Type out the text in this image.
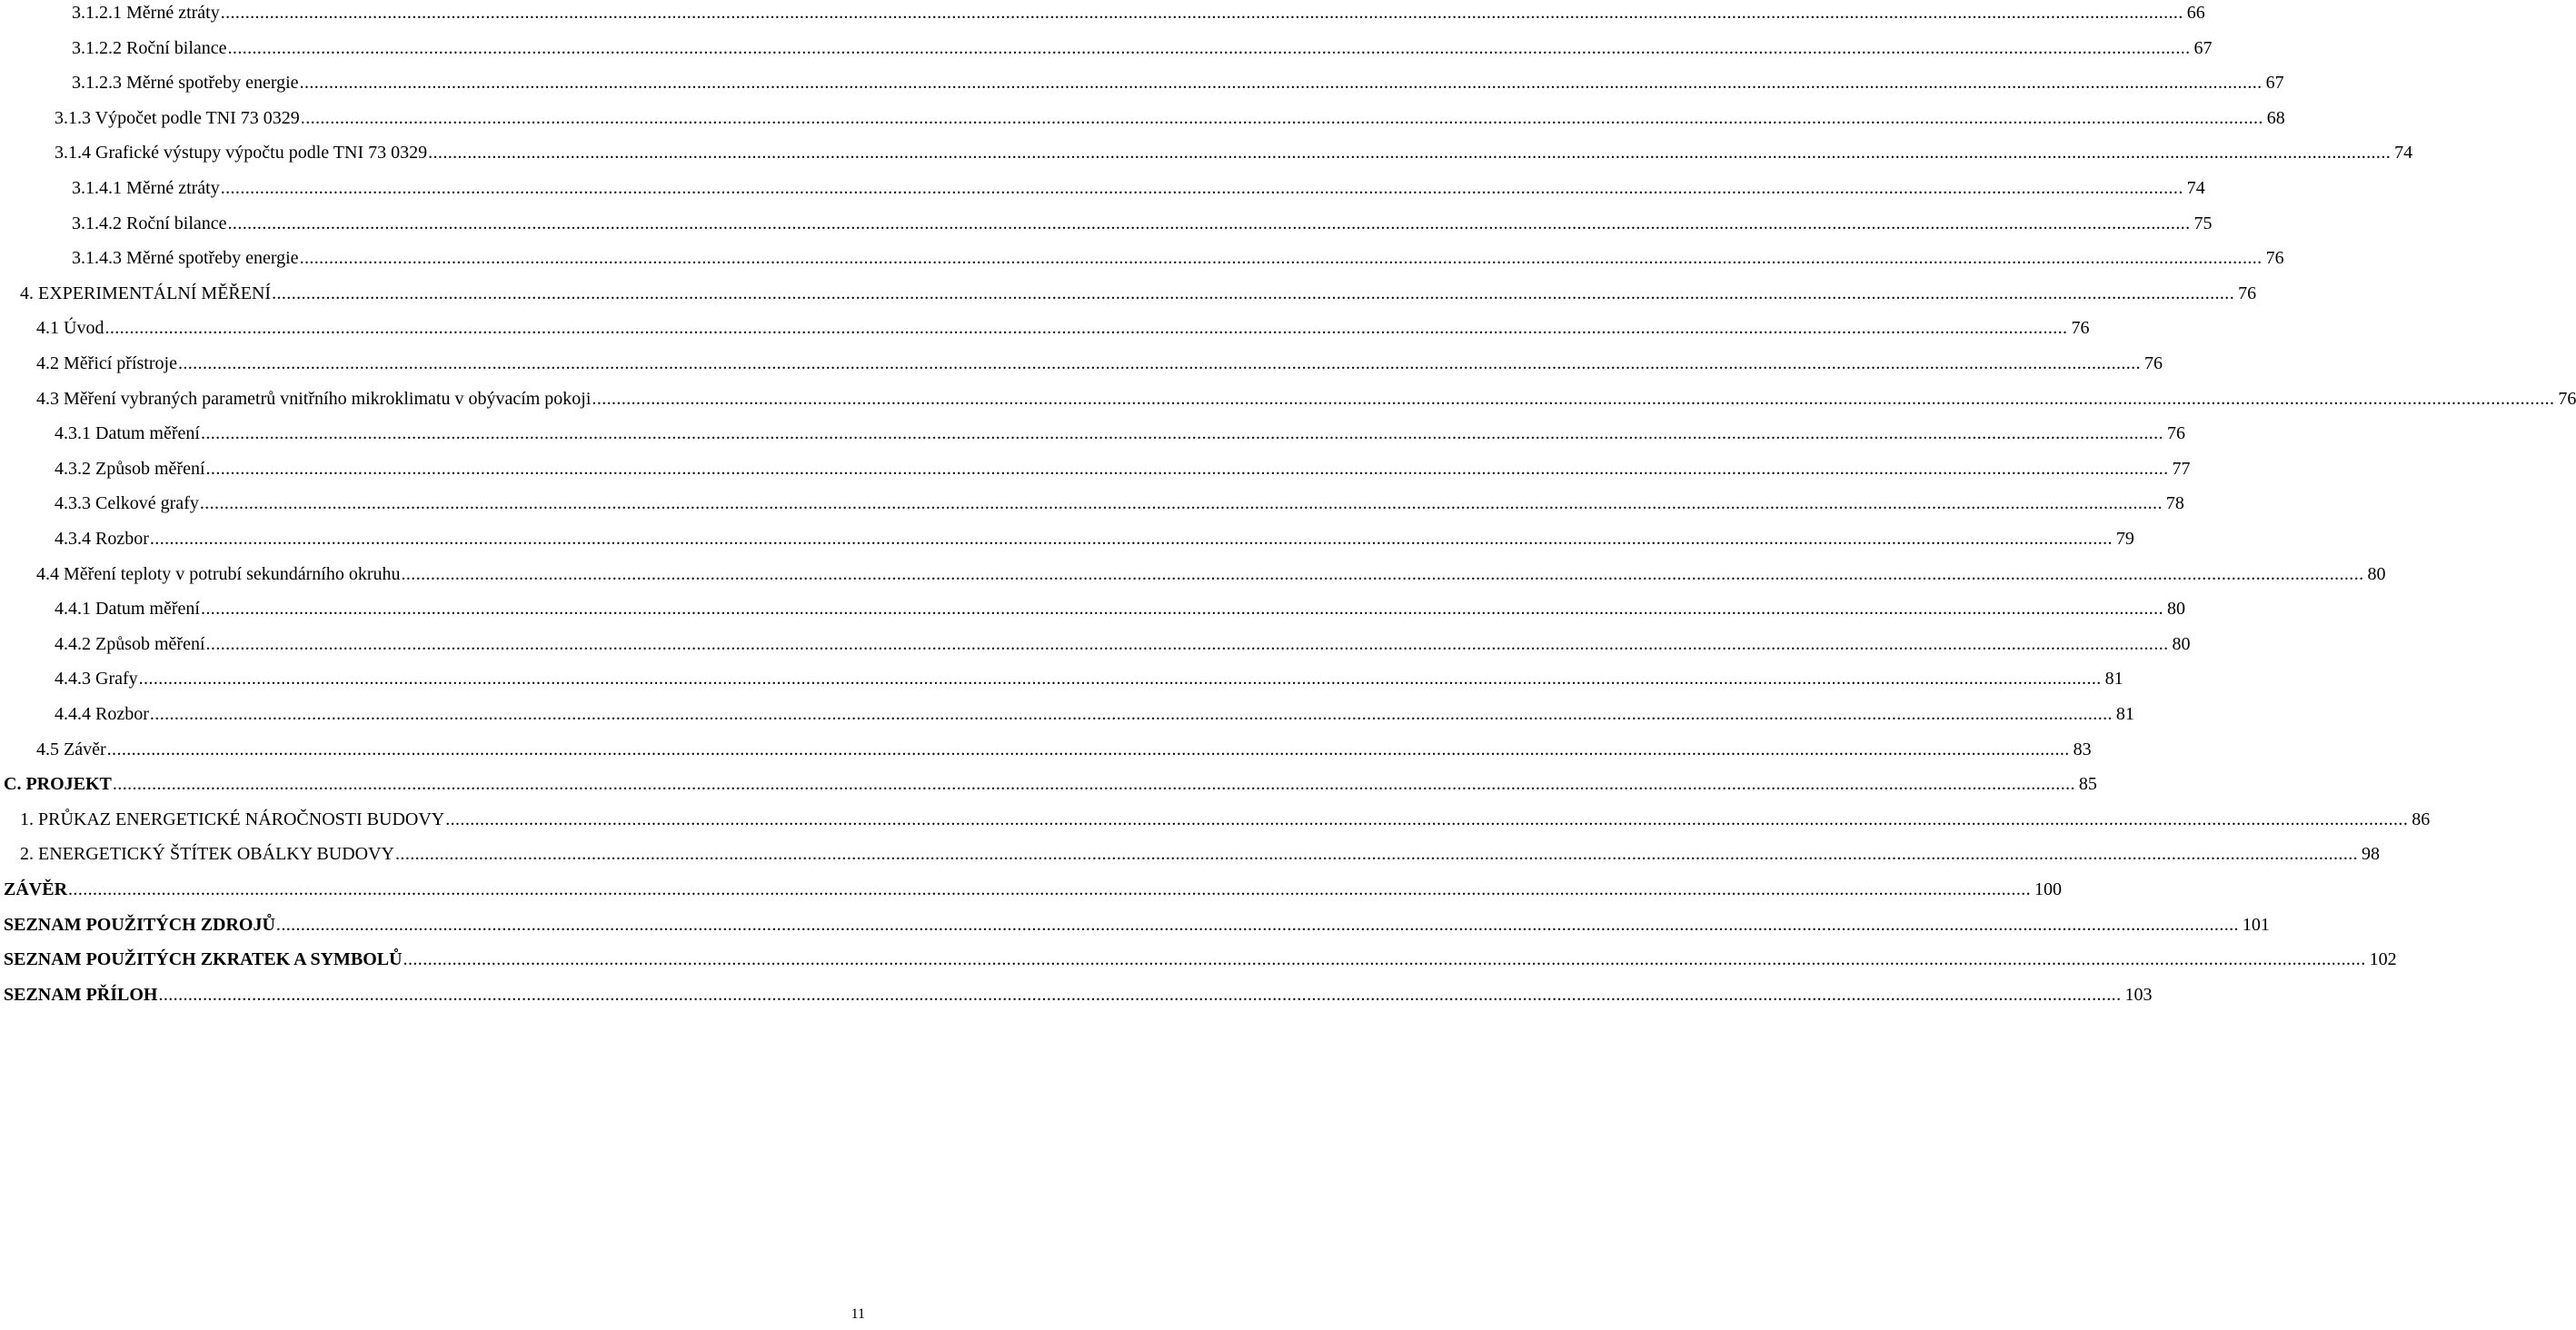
3.1.2.1 Měrné ztráty ................................................................................................................................................................................................................................................................................................................................................................................................................ 66
3.1.2.2 Roční bilance ................................................................................................................................................................................................................................................................................................................................................................................................................ 67
3.1.2.3 Měrné spotřeby energie ................................................................................................................................................................................................................................................................................................................................................................................................................ 67
3.1.3 Výpočet podle TNI 73 0329 ................................................................................................................................................................................................................................................................................................................................................................................................................ 68
3.1.4 Grafické výstupy výpočtu podle TNI 73 0329 ................................................................................................................................................................................................................................................................................................................................................................................................................ 74
3.1.4.1 Měrné ztráty ................................................................................................................................................................................................................................................................................................................................................................................................................ 74
3.1.4.2 Roční bilance ................................................................................................................................................................................................................................................................................................................................................................................................................ 75
3.1.4.3 Měrné spotřeby energie ................................................................................................................................................................................................................................................................................................................................................................................................................ 76
4. EXPERIMENTÁLNÍ MĚŘENÍ ................................................................................................................................................................................................................................................................................................................................................................................................................ 76
4.1 Úvod ................................................................................................................................................................................................................................................................................................................................................................................................................ 76
4.2 Měřicí přístroje ................................................................................................................................................................................................................................................................................................................................................................................................................ 76
4.3 Měření vybraných parametrů vnitřního mikroklimatu v obývacím pokoji ................................................................................................................................................................................................................................................................................................................................................................................................................ 76
4.3.1 Datum měření ................................................................................................................................................................................................................................................................................................................................................................................................................ 76
4.3.2 Způsob měření ................................................................................................................................................................................................................................................................................................................................................................................................................ 77
4.3.3 Celkové grafy ................................................................................................................................................................................................................................................................................................................................................................................................................ 78
4.3.4 Rozbor ................................................................................................................................................................................................................................................................................................................................................................................................................ 79
4.4 Měření teploty v potrubí sekundárního okruhu ................................................................................................................................................................................................................................................................................................................................................................................................................ 80
4.4.1 Datum měření ................................................................................................................................................................................................................................................................................................................................................................................................................ 80
4.4.2 Způsob měření ................................................................................................................................................................................................................................................................................................................................................................................................................ 80
4.4.3 Grafy ................................................................................................................................................................................................................................................................................................................................................................................................................ 81
4.4.4 Rozbor ................................................................................................................................................................................................................................................................................................................................................................................................................ 81
4.5 Závěr ................................................................................................................................................................................................................................................................................................................................................................................................................ 83
C. PROJEKT ................................................................................................................................................................................................................................................................................................................................................................................................................ 85
1. PRŮKAZ ENERGETICKÉ NÁROČNOSTI BUDOVY ................................................................................................................................................................................................................................................................................................................................................................................................................ 86
2. ENERGETICKÝ ŠTÍTEK OBÁLKY BUDOVY ................................................................................................................................................................................................................................................................................................................................................................................................................ 98
ZÁVĚR ................................................................................................................................................................................................................................................................................................................................................................................................................ 100
SEZNAM POUŽITÝCH ZDROJŮ ................................................................................................................................................................................................................................................................................................................................................................................................................ 101
SEZNAM POUŽITÝCH ZKRATEK A SYMBOLŮ ................................................................................................................................................................................................................................................................................................................................................................................................................ 102
SEZNAM PŘÍLOH ................................................................................................................................................................................................................................................................................................................................................................................................................ 103
11
